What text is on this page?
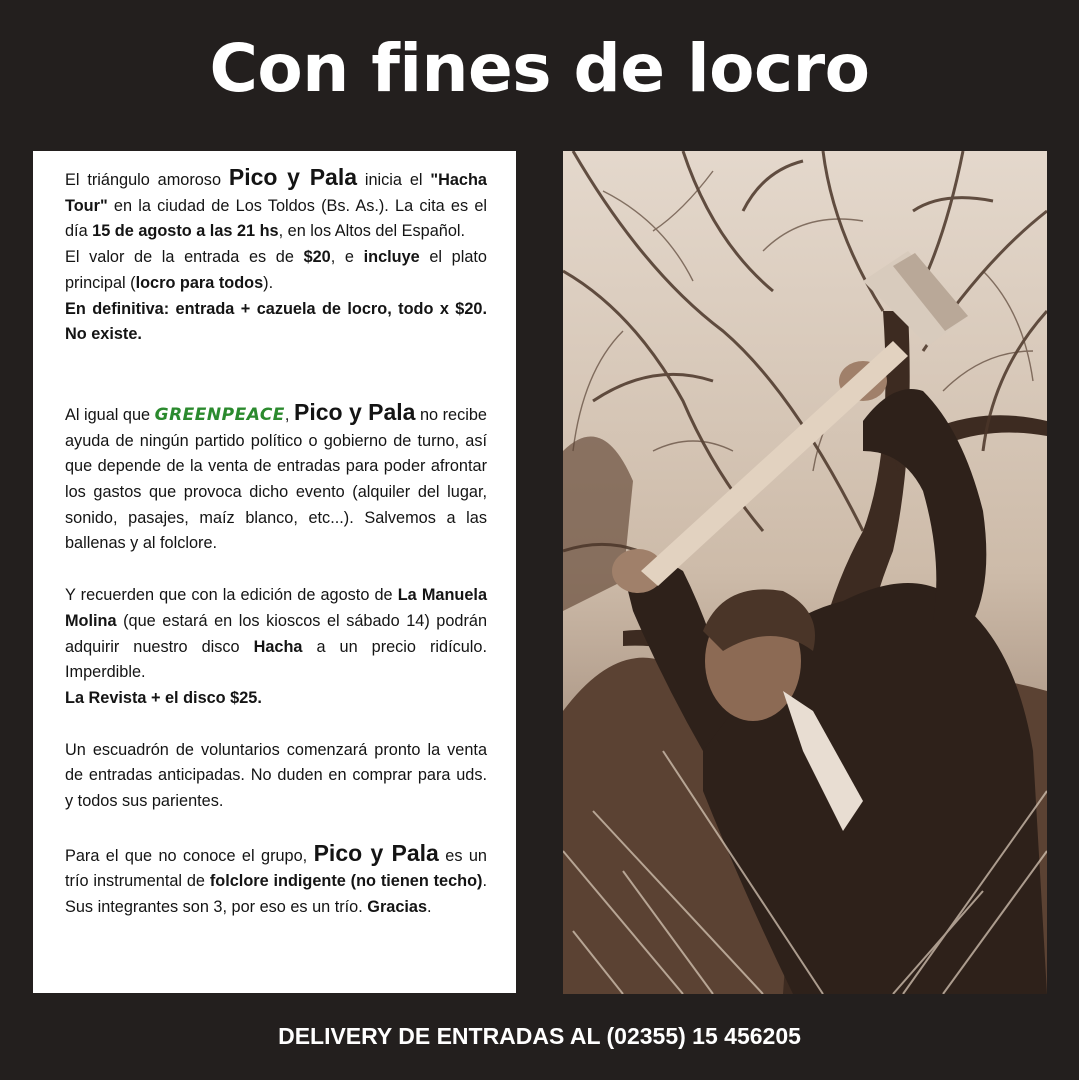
Con fines de locro

El triángulo amoroso Pico y Pala inicia el "Hacha Tour" en la ciudad de Los Toldos (Bs. As.). La cita es el día 15 de agosto a las 21 hs, en los Altos del Español.

El valor de la entrada es de $20, e incluye el plato principal (locro para todos).

En definitiva: entrada + cazuela de locro, todo x $20. No existe.

Al igual que GREENPEACE, Pico y Pala no recibe ayuda de ningún partido político o gobierno de turno, así que depende de la venta de entradas para poder afrontar los gastos que provoca dicho evento (alquiler del lugar, sonido, pasajes, maíz blanco, etc...). Salvemos a las ballenas y al folclore.

Y recuerden que con la edición de agosto de La Manuela Molina (que estará en los kioscos el sábado 14) podrán adquirir nuestro disco Hacha a un precio ridículo. Imperdible.

La Revista + el disco $25.

Un escuadrón de voluntarios comenzará pronto la venta de entradas anticipadas. No duden en comprar para uds. y todos sus parientes.

Para el que no conoce el grupo, Pico y Pala es un trío instrumental de folclore indigente (no tienen techo). Sus integrantes son 3, por eso es un trío. Gracias.

DELIVERY DE ENTRADAS AL (02355) 15 456205
